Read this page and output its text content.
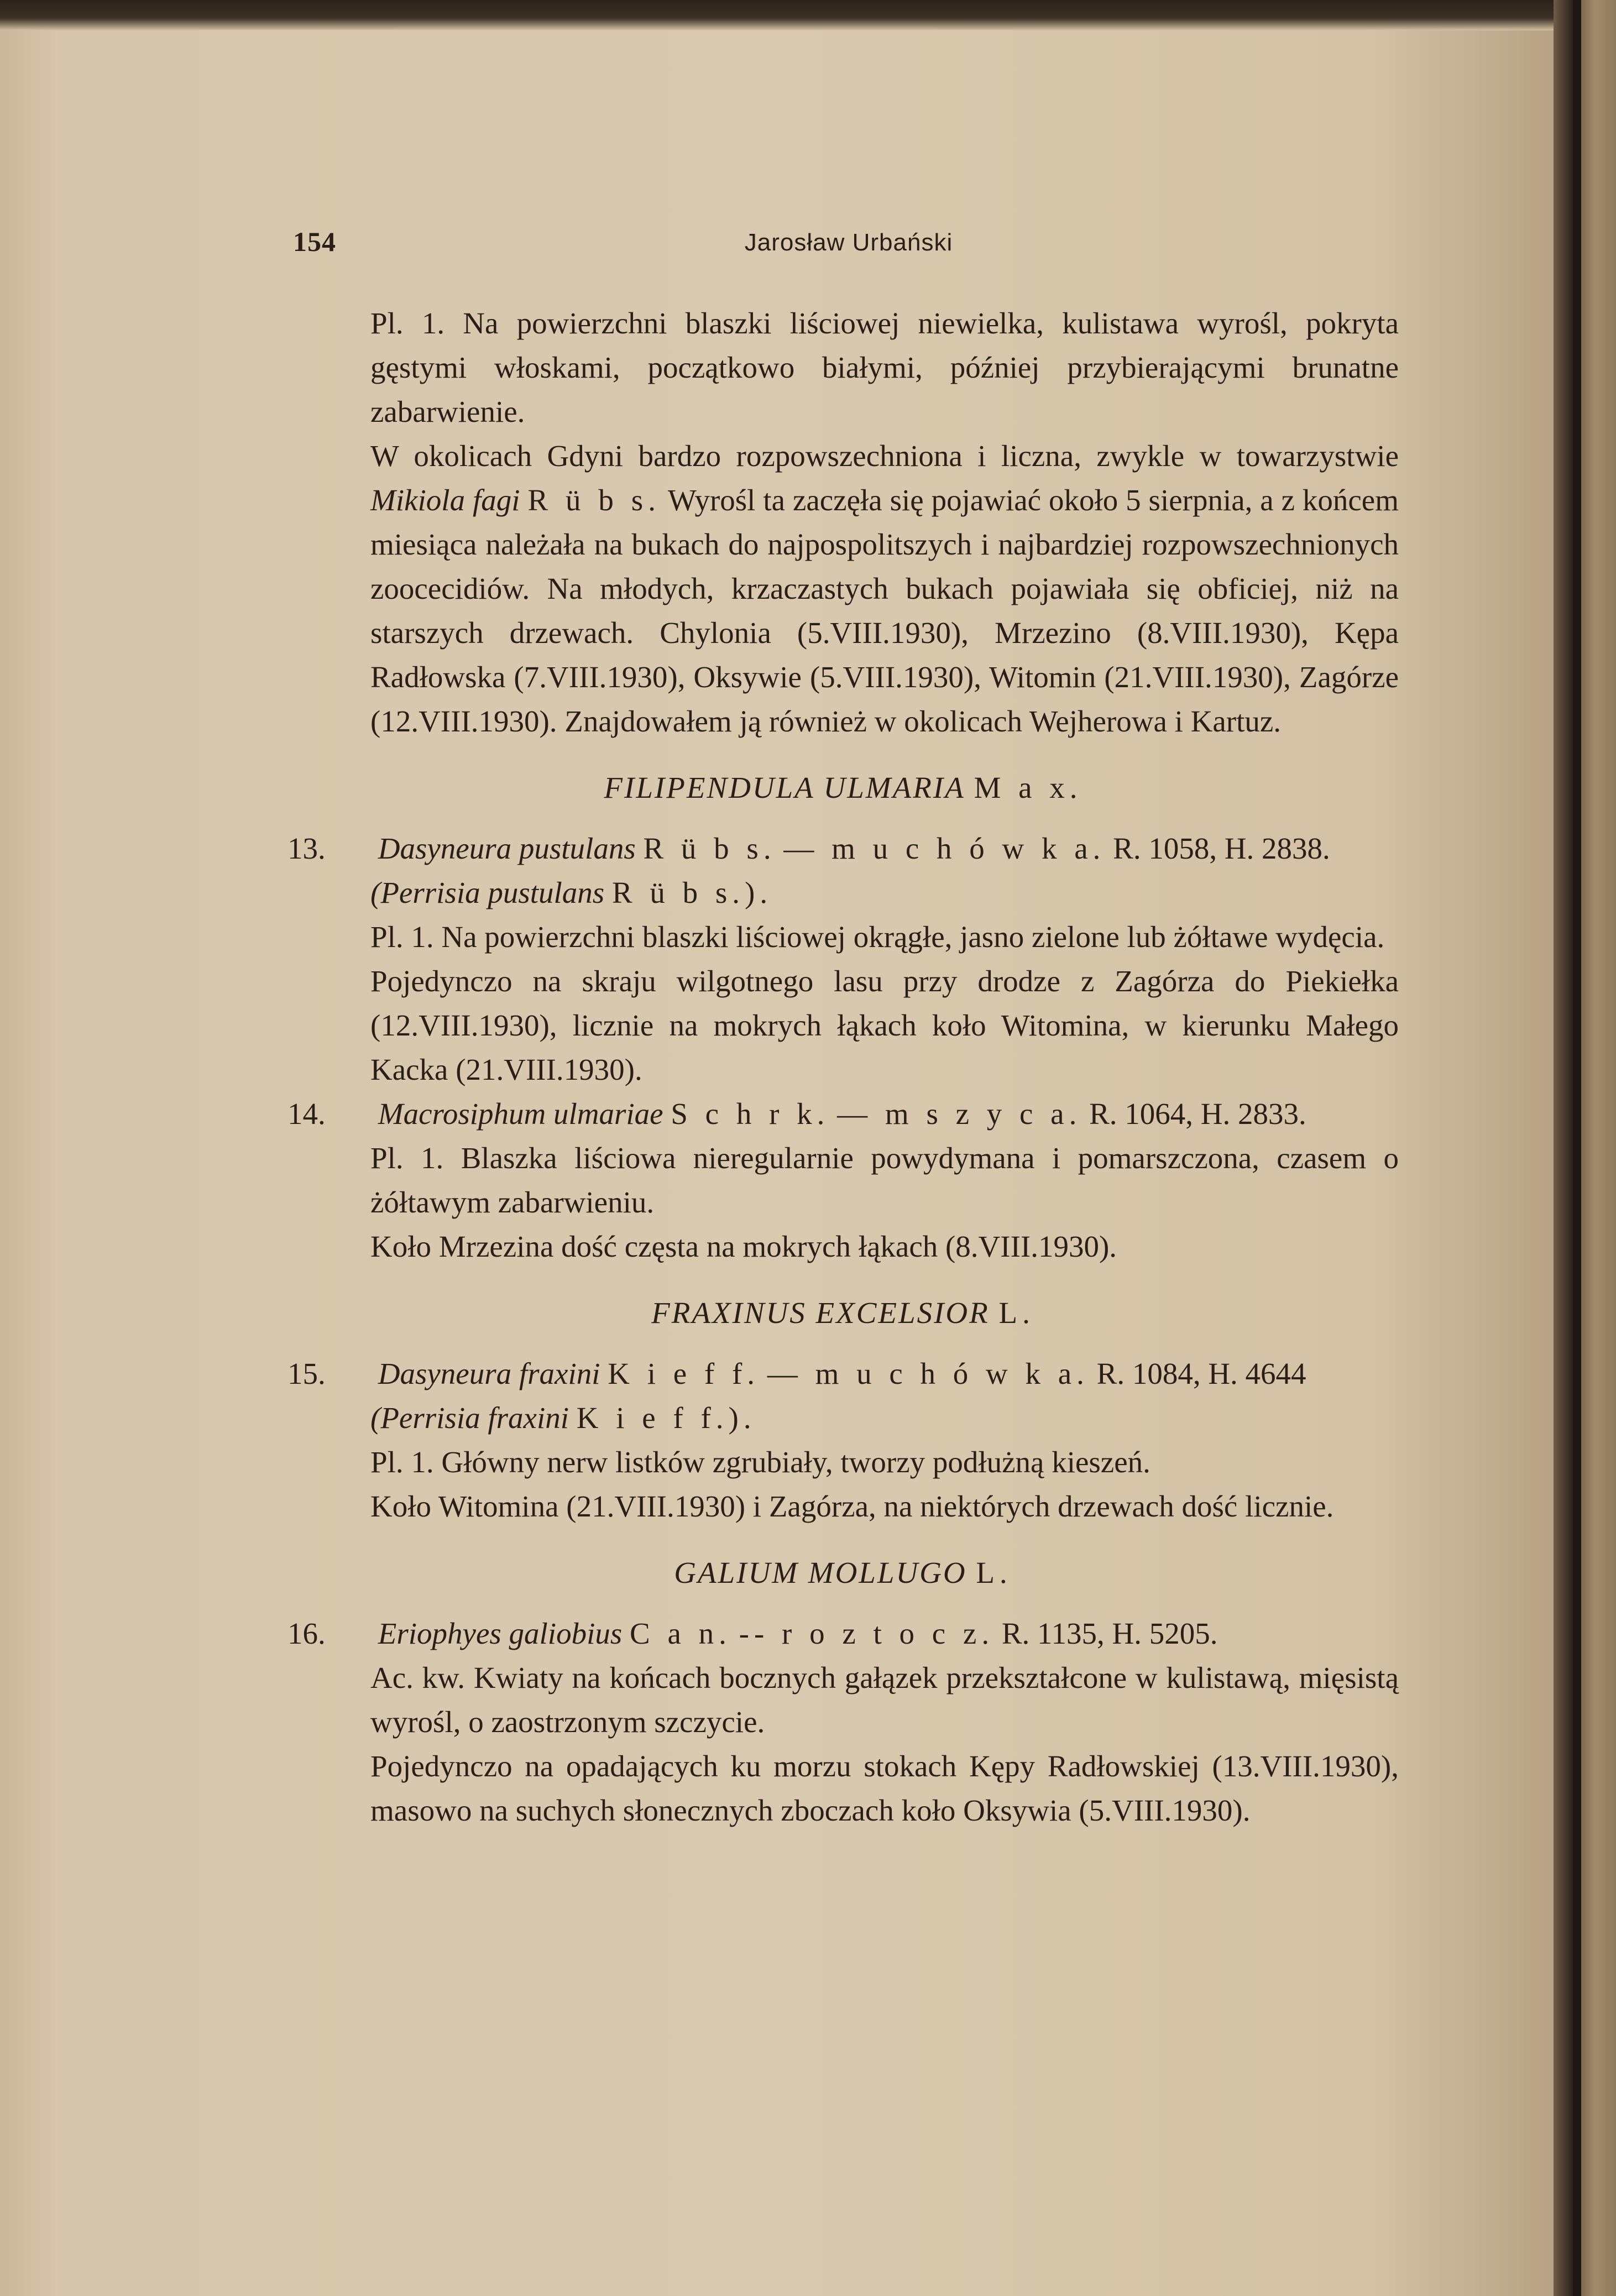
154	Jarosław Urbański

Pl. 1. Na powierzchni blaszki liściowej niewielka, kulistawa wyrośl, pokryta gęstymi włoskami, początkowo białymi, później przybierającymi brunatne zabarwienie.
W okolicach Gdyni bardzo rozpowszechniona i liczna, zwykle w towarzystwie Mikiola fagi R ü b s. Wyrośl ta zaczęła się pojawiać około 5 sierpnia, a z końcem miesiąca należała na bukach do najpospolitszych i najbardziej rozpowszechnionych zoocecidiów. Na młodych, krzaczastych bukach pojawiała się obficiej, niż na starszych drzewach. Chylonia (5.VIII.1930), Mrzezino (8.VIII.1930), Kępa Radłowska (7.VIII.1930), Oksywie (5.VIII.1930), Witomin (21.VIII.1930), Zagórze (12.VIII.1930). Znajdowałem ją również w okolicach Wejherowa i Kartuz.

FILIPENDULA ULMARIA M a x.

13. Dasyneura pustulans R ü b s. — m u c h ó w k a. R. 1058, H. 2838.
(Perrisia pustulans R ü b s.).

Pl. 1. Na powierzchni blaszki liściowej okrągłe, jasno zielone lub żółtawe wydęcia.

Pojedynczo na skraju wilgotnego lasu przy drodze z Zagórza do Piekiełka (12.VIII.1930), licznie na mokrych łąkach koło Witomina, w kierunku Małego Kacka (21.VIII.1930).

14. Macrosiphum ulmariae S c h r k. — m s z y c a. R. 1064, H. 2833.

Pl. 1. Blaszka liściowa nieregularnie powydymana i pomarszczona, czasem o żółtawym zabarwieniu.

Koło Mrzezina dość częsta na mokrych łąkach (8.VIII.1930).

FRAXINUS EXCELSIOR L.

15. Dasyneura fraxini K i e f f. — m u c h ó w k a. R. 1084, H. 4644
(Perrisia fraxini K i e f f.).

Pl. 1. Główny nerw listków zgrubiały, tworzy podłużną kieszeń.

Koło Witomina (21.VIII.1930) i Zagórza, na niektórych drzewach dość licznie.

GALIUM MOLLUGO L.

16. Eriophyes galiobius C a n. -- r o z t o c z. R. 1135, H. 5205.

Ac. kw. Kwiaty na końcach bocznych gałązek przekształcone w kulistawą, mięsistą wyrośl, o zaostrzonym szczycie.

Pojedynczo na opadających ku morzu stokach Kępy Radłowskiej (13.VIII.1930), masowo na suchych słonecznych zboczach koło Oksywia (5.VIII.1930).
